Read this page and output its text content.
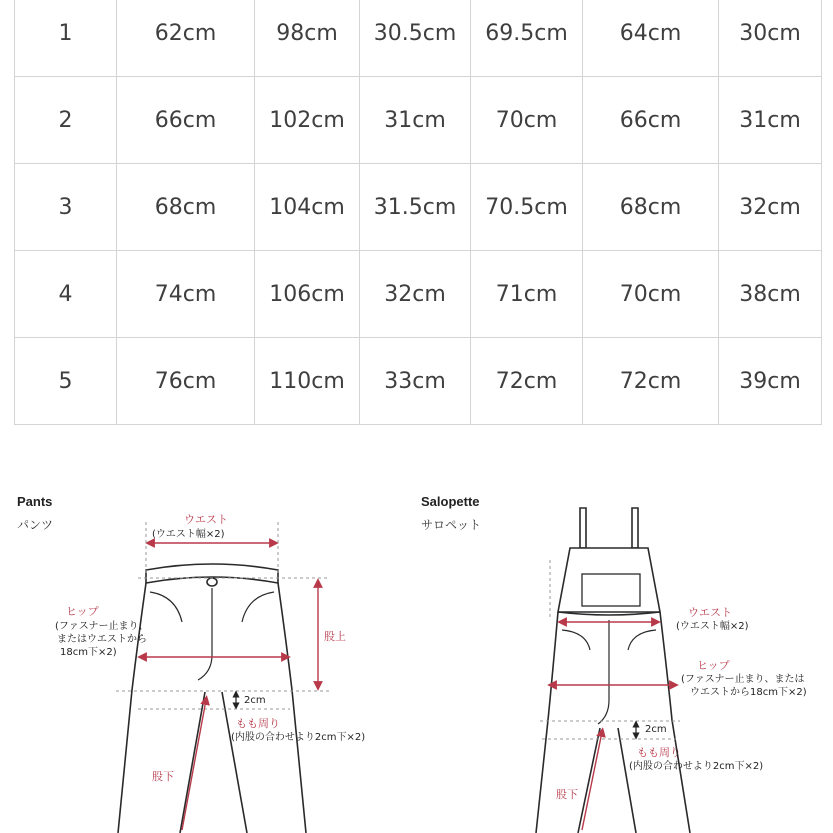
1	62cm	98cm	30.5cm	69.5cm	64cm	30cm
2	66cm	102cm	31cm	70cm	66cm	31cm
3	68cm	104cm	31.5cm	70.5cm	68cm	32cm
4	74cm	106cm	32cm	71cm	70cm	38cm
5	76cm	110cm	33cm	72cm	72cm	39cm
Pants
パンツ	ウエスト
(ウエスト幅×2)
ヒップ
(ファスナー止まり、
またはウエストから
18cm下×2)
股上
2cm
もも周り
(内股の合わせより2cm下×2)
股下
Salopette
サロペット
ウエスト
(ウエスト幅×2)
ヒップ
(ファスナー止まり、または
ウエストから18cm下×2)
2cm
もも周り
(内股の合わせより2cm下×2)
股下
